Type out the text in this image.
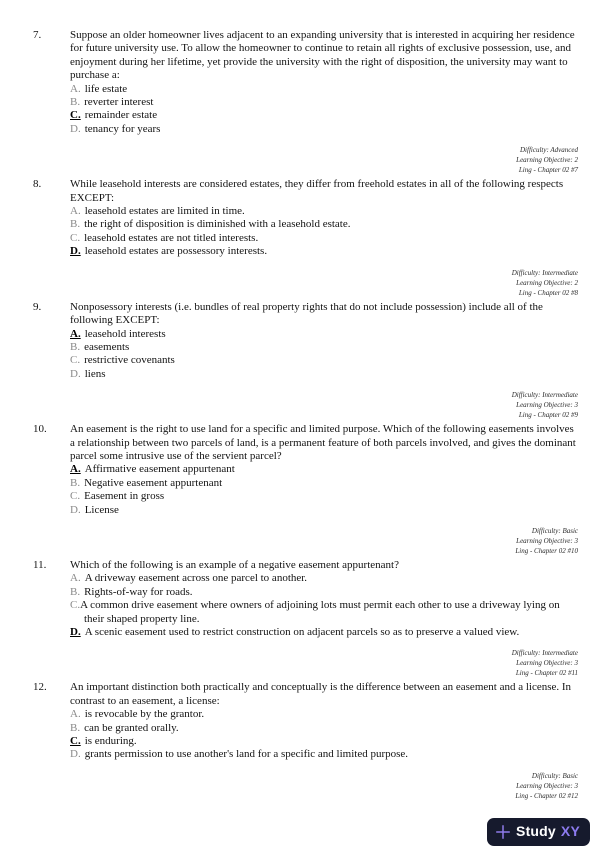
7.	Suppose an older homeowner lives adjacent to an expanding university that is interested in acquiring her residence for future university use. To allow the homeowner to continue to retain all rights of exclusive possession, use, and enjoyment during her lifetime, yet provide the university with the right of disposition, the university may want to purchase a:
A. life estate
B. reverter interest
C. remainder estate
D. tenancy for years
Difficulty: Advanced
Learning Objective: 2
Ling - Chapter 02 #7
8.	While leasehold interests are considered estates, they differ from freehold estates in all of the following respects EXCEPT:
A. leasehold estates are limited in time.
B. the right of disposition is diminished with a leasehold estate.
C. leasehold estates are not titled interests.
D. leasehold estates are possessory interests.
Difficulty: Intermediate
Learning Objective: 2
Ling - Chapter 02 #8
9.	Nonposessory interests (i.e. bundles of real property rights that do not include possession) include all of the following EXCEPT:
A. leasehold interests
B. easements
C. restrictive covenants
D. liens
Difficulty: Intermediate
Learning Objective: 3
Ling - Chapter 02 #9
10.	An easement is the right to use land for a specific and limited purpose. Which of the following easements involves a relationship between two parcels of land, is a permanent feature of both parcels involved, and gives the dominant parcel some intrusive use of the servient parcel?
A. Affirmative easement appurtenant
B. Negative easement appurtenant
C. Easement in gross
D. License
Difficulty: Basic
Learning Objective: 3
Ling - Chapter 02 #10
11.	Which of the following is an example of a negative easement appurtenant?
A. A driveway easement across one parcel to another.
B. Rights-of-way for roads.
C.A common drive easement where owners of adjoining lots must permit each other to use a driveway lying on their shaped property line.
D. A scenic easement used to restrict construction on adjacent parcels so as to preserve a valued view.
Difficulty: Intermediate
Learning Objective: 3
Ling - Chapter 02 #11
12.	An important distinction both practically and conceptually is the difference between an easement and a license. In contrast to an easement, a license:
A. is revocable by the grantor.
B. can be granted orally.
C. is enduring.
D. grants permission to use another's land for a specific and limited purpose.
Difficulty: Basic
Learning Objective: 3
Ling - Chapter 02 #12
Study XY
